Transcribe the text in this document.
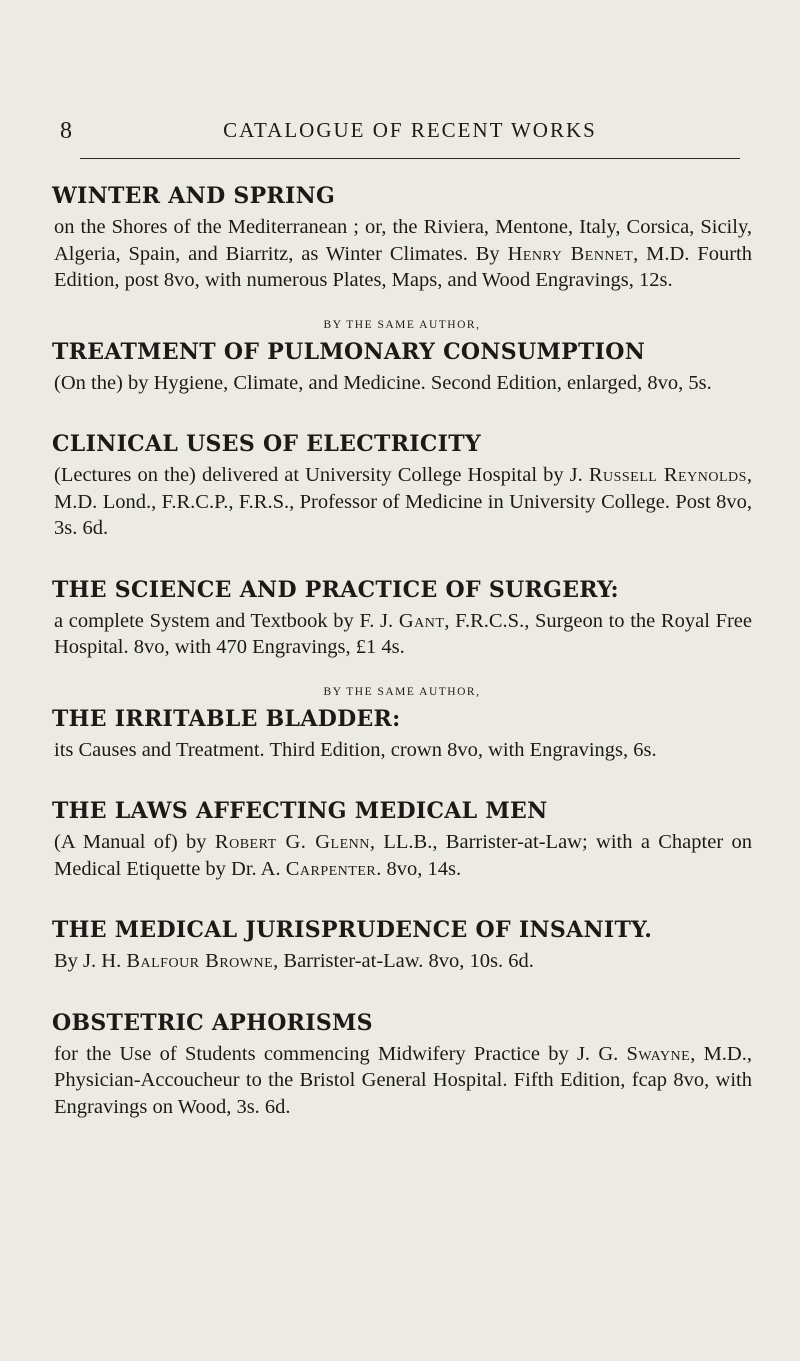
8	CATALOGUE OF RECENT WORKS
WINTER AND SPRING

on the Shores of the Mediterranean ; or, the Riviera, Mentone, Italy, Corsica, Sicily, Algeria, Spain, and Biarritz, as Winter Climates. By Henry Bennet, M.D. Fourth Edition, post 8vo, with numerous Plates, Maps, and Wood Engravings, 12s.

BY THE SAME AUTHOR,

TREATMENT OF PULMONARY CONSUMPTION

(On the) by Hygiene, Climate, and Medicine. Second Edition, enlarged, 8vo, 5s.

CLINICAL USES OF ELECTRICITY

(Lectures on the) delivered at University College Hospital by J. Russell Reynolds, M.D. Lond., F.R.C.P., F.R.S., Professor of Medicine in University College. Post 8vo, 3s. 6d.

THE SCIENCE AND PRACTICE OF SURGERY:

a complete System and Textbook by F. J. Gant, F.R.C.S., Surgeon to the Royal Free Hospital. 8vo, with 470 Engravings, £1 4s.

BY THE SAME AUTHOR,

THE IRRITABLE BLADDER:

its Causes and Treatment. Third Edition, crown 8vo, with Engravings, 6s.

THE LAWS AFFECTING MEDICAL MEN

(A Manual of) by Robert G. Glenn, LL.B., Barrister-at-Law; with a Chapter on Medical Etiquette by Dr. A. Carpenter. 8vo, 14s.

THE MEDICAL JURISPRUDENCE OF INSANITY.

By J. H. Balfour Browne, Barrister-at-Law. 8vo, 10s. 6d.

OBSTETRIC APHORISMS

for the Use of Students commencing Midwifery Practice by J. G. Swayne, M.D., Physician-Accoucheur to the Bristol General Hospital. Fifth Edition, fcap 8vo, with Engravings on Wood, 3s. 6d.
